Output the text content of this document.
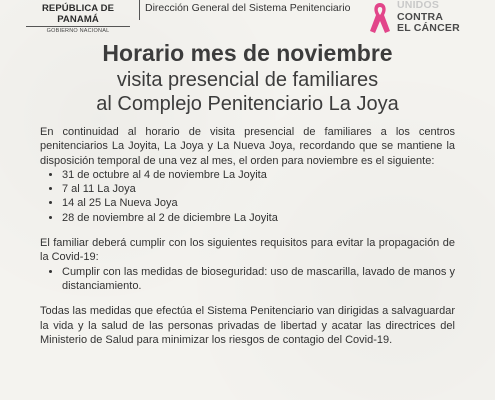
REPÚBLICA DE PANAMÁ
GOBIERNO NACIONAL
Dirección General del Sistema Penitenciario	UNIDOS
CONTRA
EL CÁNCER
Horario mes de noviembre
visita presencial de familiares
al Complejo Penitenciario La Joya

En continuidad al horario de visita presencial de familiares a los centros penitenciarios La Joyita, La Joya y La Nueva Joya, recordando que se mantiene la disposición temporal de una vez al mes, el orden para noviembre es el siguiente:

• 31 de octubre al 4 de noviembre La Joyita
• 7 al 11 La Joya
• 14 al 25 La Nueva Joya
• 28 de noviembre al 2 de diciembre La Joyita

El familiar deberá cumplir con los siguientes requisitos para evitar la propagación de la Covid-19:

• Cumplir con las medidas de bioseguridad: uso de mascarilla, lavado de manos y distanciamiento.

Todas las medidas que efectúa el Sistema Penitenciario van dirigidas a salvaguardar la vida y la salud de las personas privadas de libertad y acatar las directrices del Ministerio de Salud para minimizar los riesgos de contagio del Covid-19.
